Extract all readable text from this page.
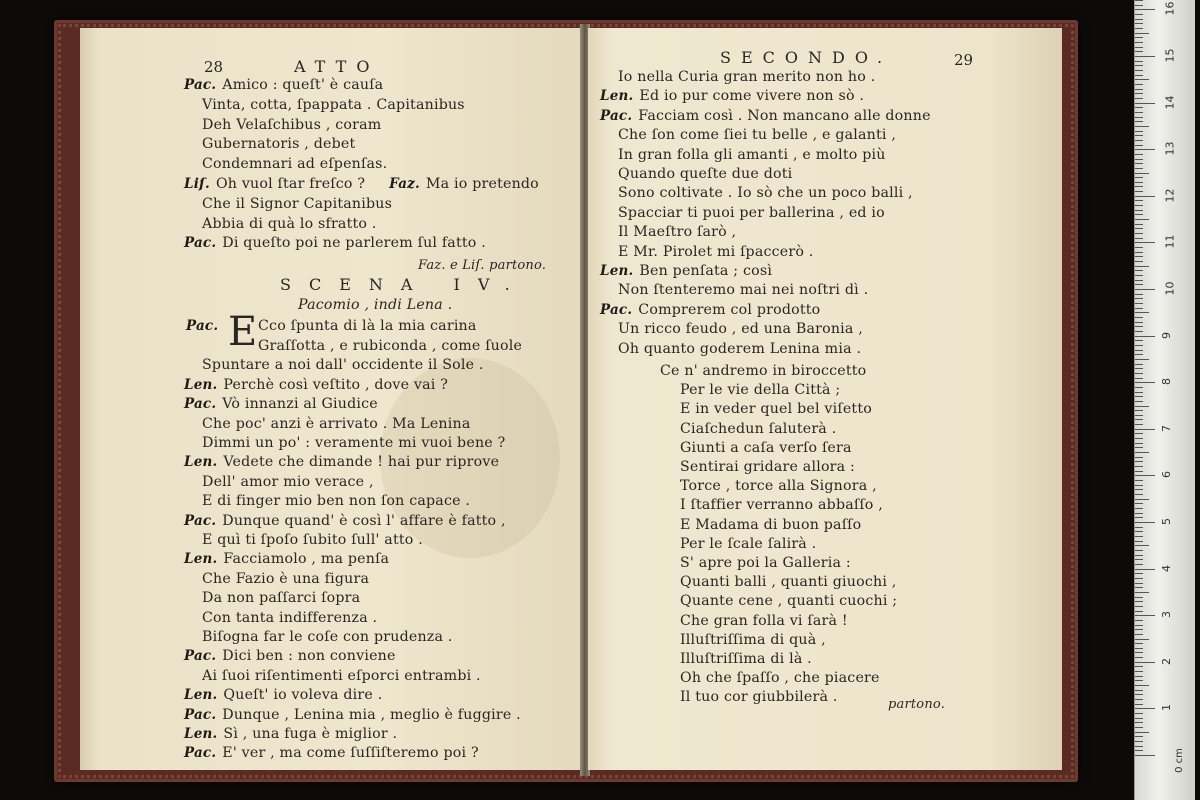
28	ATTO
Pac. Amico : queſt' è cauſa
Vinta, cotta, ſpappata . Capitanibus
Deh Velaſchibus , coram
Gubernatoris , debet
Condemnari ad eſpenſas.
Liſ. Oh vuol ſtar freſco ? Faz. Ma io pretendo
Che il Signor Capitanibus
Abbia di quà lo sfratto .
Pac. Di queſto poi ne parlerem ſul fatto .
Faz. e Liſ. partono.
SCENA IV.
Pacomio , indi Lena .
Pac. E Cco ſpunta di là la mia carina
Graſſotta , e rubiconda , come ſuole
Spuntare a noi dall' occidente il Sole .
Len. Perchè così veſtito , dove vai ?
Pac. Vò innanzi al Giudice
Che poc' anzi è arrivato . Ma Lenina
Dimmi un po' : veramente mi vuoi bene ?
Len. Vedete che dimande ! hai pur riprove
Dell' amor mio verace ,
E di finger mio ben non ſon capace .
Pac. Dunque quand' è così l' affare è fatto ,
E quì ti ſpoſo ſubito ſull' atto .
Len. Facciamolo , ma penſa
Che Fazio è una figura
Da non paſſarci ſopra
Con tanta indifferenza .
Biſogna far le coſe con prudenza .
Pac. Dici ben : non conviene
Ai ſuoi riſentimenti eſporci entrambi .
Len. Queſt' io voleva dire .
Pac. Dunque , Lenina mia , meglio è fuggire .
Len. Sì , una fuga è miglior .
Pac. E' ver , ma come ſuſſiſteremo poi ?
SECONDO.	29
Io nella Curia gran merito non ho .
Len. Ed io pur come vivere non sò .
Pac. Facciam così . Non mancano alle donne
Che ſon come ſiei tu belle , e galanti ,
In gran folla gli amanti , e molto più
Quando queſte due doti
Sono coltivate . Io sò che un poco balli ,
Spacciar ti puoi per ballerina , ed io
Il Maeſtro ſarò ,
E Mr. Pirolet mi ſpaccerò .
Len. Ben penſata ; così
Non ſtenteremo mai nei noſtri dì .
Pac. Comprerem col prodotto
Un ricco feudo , ed una Baronia ,
Oh quanto goderem Lenina mia .
Ce n' andremo in biroccetto
Per le vie della Città ;
E in veder quel bel viſetto
Ciaſchedun ſaluterà .
Giunti a caſa verſo ſera
Sentirai gridare allora :
Torce , torce alla Signora ,
I ſtaffier verranno abbaſſo ,
E Madama di buon paſſo
Per le ſcale ſalirà .
S' apre poi la Galleria :
Quanti balli , quanti giuochi ,
Quante cene , quanti cuochi ;
Che gran folla vi ſarà !
Illuſtriſſima di quà ,
Illuſtriſſima di là .
Oh che ſpaſſo , che piacere
Il tuo cor giubbilerà .	partono.
0 cm
1
2
3
4
5
6
7
8
9
10
11
12
13
14
15
16
